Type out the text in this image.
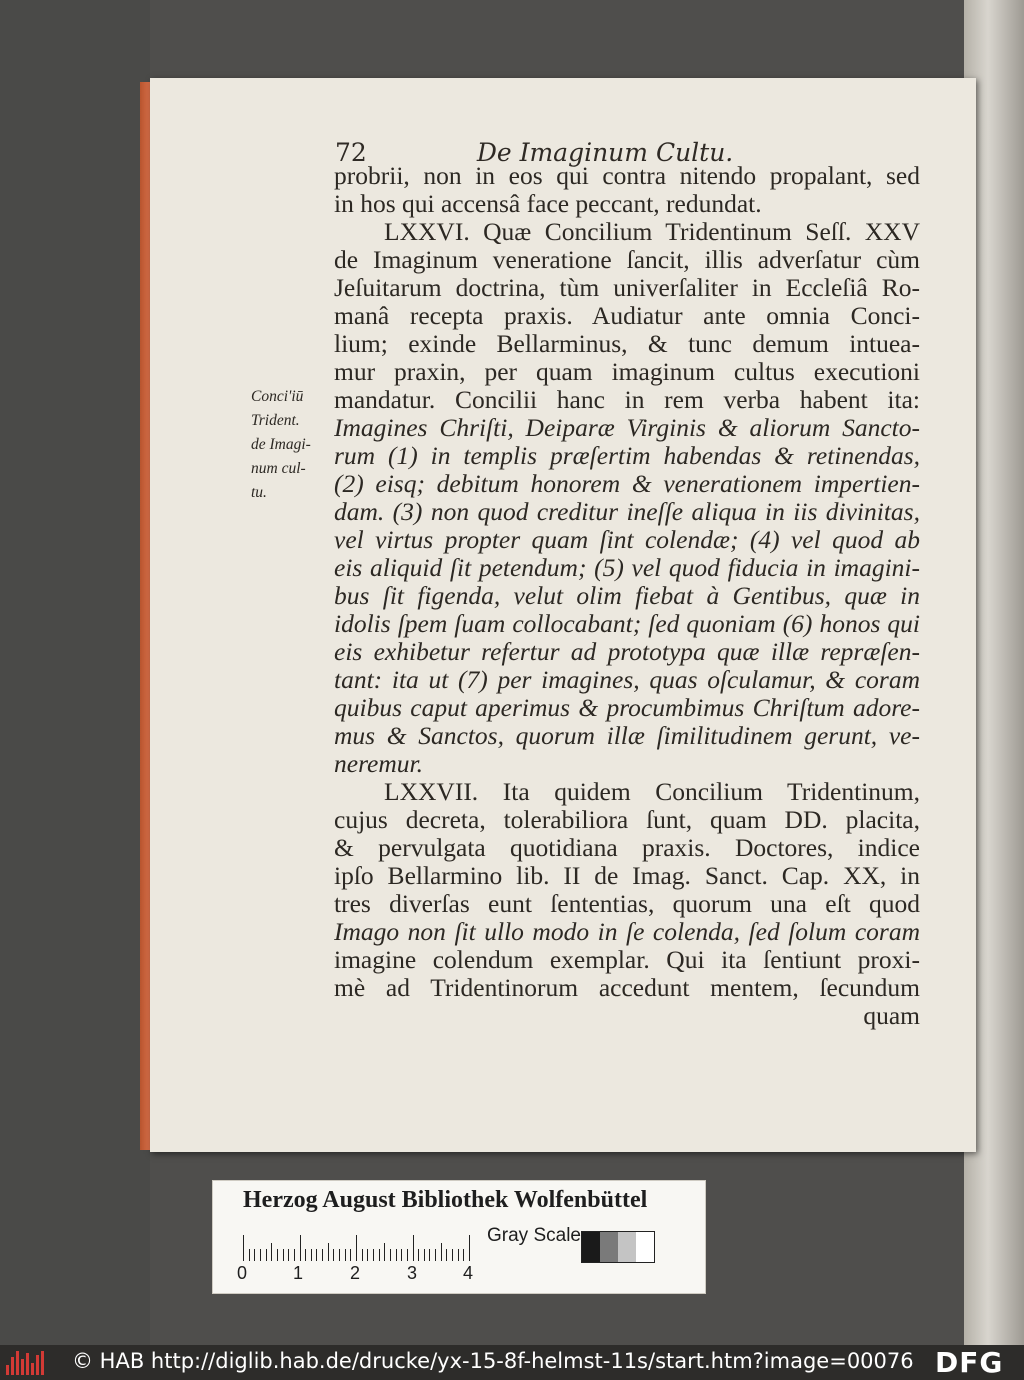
72	De Imaginum Cultu.
Conci'iū
Trident.
de Imagi-
num cul-
tu.
probrii, non in eos qui contra nitendo propalant, sed
in hos qui accensâ face peccant, redundat.
LXXVI. Quæ Concilium Tridentinum Seſſ. XXV
de Imaginum veneratione ſancit, illis adverſatur cùm
Jeſuitarum doctrina, tùm univerſaliter in Eccleſiâ Ro-
manâ recepta praxis. Audiatur ante omnia Conci-
lium; exinde Bellarminus, & tunc demum intuea-
mur praxin, per quam imaginum cultus executioni
mandatur. Concilii hanc in rem verba habent ita:
Imagines Chriſti, Deiparæ Virginis & aliorum Sancto-
rum (1) in templis præſertim habendas & retinendas,
(2) eisq; debitum honorem & venerationem impertien-
dam. (3) non quod creditur ineſſe aliqua in iis divinitas,
vel virtus propter quam ſint colendæ; (4) vel quod ab
eis aliquid ſit petendum; (5) vel quod fiducia in imagini-
bus ſit figenda, velut olim fiebat à Gentibus, quæ in
idolis ſpem ſuam collocabant; ſed quoniam (6) honos qui
eis exhibetur refertur ad prototypa quæ illæ repræſen-
tant: ita ut (7) per imagines, quas oſculamur, & coram
quibus caput aperimus & procumbimus Chriſtum adore-
mus & Sanctos, quorum illæ ſimilitudinem gerunt, ve-
neremur.
LXXVII. Ita quidem Concilium Tridentinum,
cujus decreta, tolerabiliora ſunt, quam DD. placita,
& pervulgata quotidiana praxis. Doctores, indice
ipſo Bellarmino lib. II de Imag. Sanct. Cap. XX, in
tres diverſas eunt ſententias, quorum una eſt quod
Imago non ſit ullo modo in ſe colenda, ſed ſolum coram
imagine colendum exemplar. Qui ita ſentiunt proxi-
mè ad Tridentinorum accedunt mentem, ſecundum
quam
Herzog August Bibliothek Wolfenbüttel
0	1	2	3	4
Gray Scale
© HAB http://diglib.hab.de/drucke/yx-15-8f-helmst-11s/start.htm?image=00076 DFG
